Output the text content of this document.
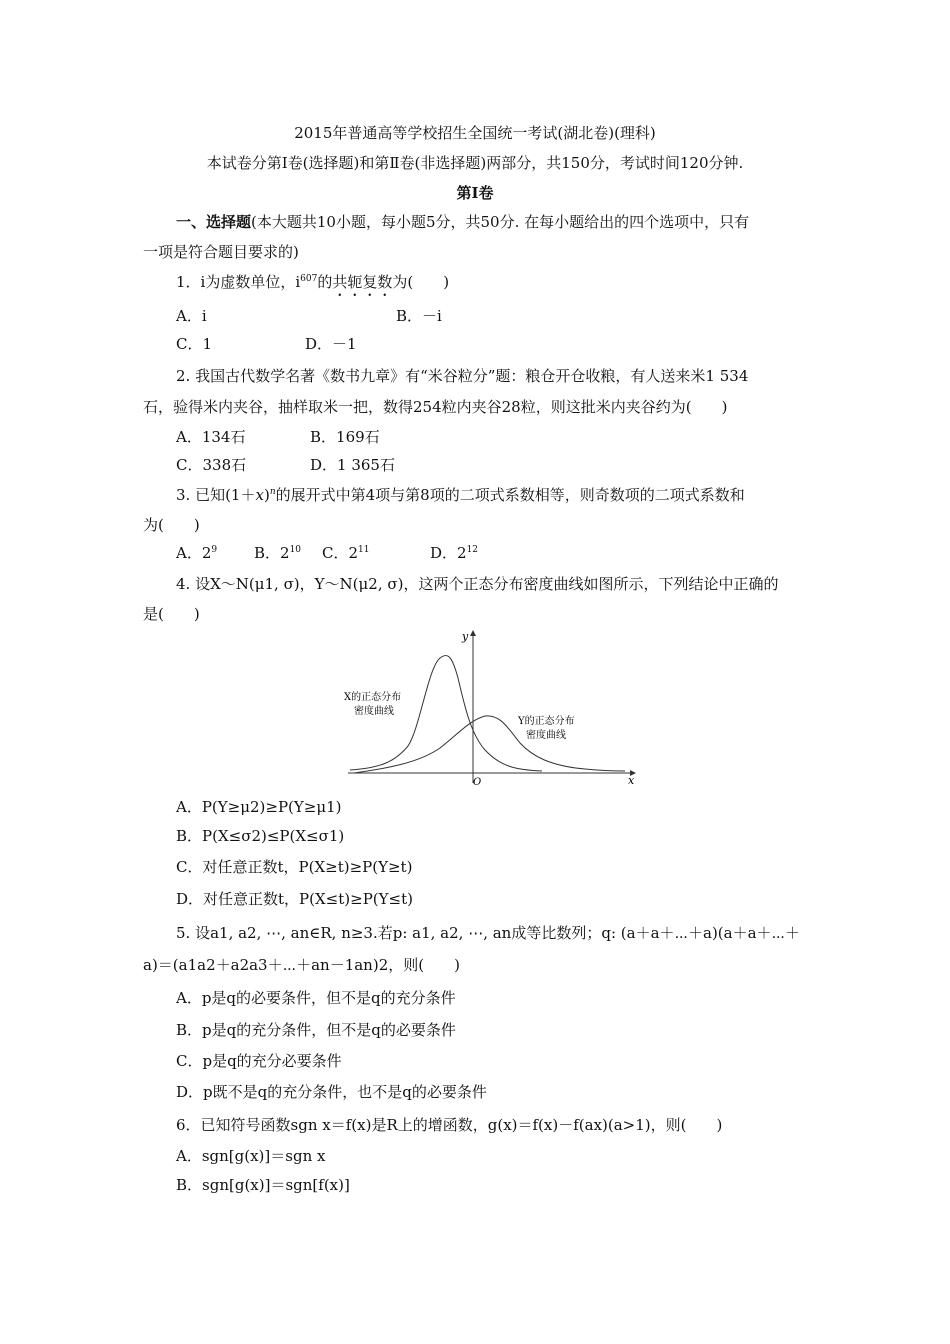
2015年普通高等学校招生全国统一考试(湖北卷)(理科)
本试卷分第Ⅰ卷(选择题)和第Ⅱ卷(非选择题)两部分，共150分，考试时间120分钟.
第Ⅰ卷
一、选择题(本大题共10小题，每小题5分，共50分. 在每小题给出的四个选项中，只有
一项是符合题目要求的)
1．i为虚数单位，$i^{607}$的共轭复数为(　　)
A．i	B．－i
C．1	D．－1
2. 我国古代数学名著《数书九章》有“米谷粒分”题：粮仓开仓收粮，有人送来米1 534
石，验得米内夹谷，抽样取米一把，数得254粒内夹谷28粒，则这批米内夹谷约为(　　)
A．134石	B．169石
C．338石	D．1 365石
3. 已知$(1+x)^n$的展开式中第4项与第8项的二项式系数相等，则奇数项的二项式系数和
为(　　)
A．$2^9$ B．$2^{10}$ C．$2^{11}$	D．$2^{12}$
4. 设X～N(μ1, σ)，Y～N(μ2, σ)，这两个正态分布密度曲线如图所示，下列结论中正确的
是(　　)
y
x
O
X的正态分布
密度曲线
Y的正态分布
密度曲线
A．P(Y≥μ2)≥P(Y≥μ1)
B．P(X≤σ2)≤P(X≤σ1)
C．对任意正数t，P(X≥t)≥P(Y≥t)
D．对任意正数t，P(X≤t)≥P(Y≤t)
5. 设a1, a2, ⋯, an∈R, n≥3.若p: a1, a2, ⋯, an成等比数列；q: (a＋a＋⋯＋a)(a＋a＋⋯＋
a)＝(a1a2＋a2a3＋⋯＋an－1an)2，则(　　)
A．p是q的必要条件，但不是q的充分条件
B．p是q的充分条件，但不是q的必要条件
C．p是q的充分必要条件
D．p既不是q的充分条件，也不是q的必要条件
6．已知符号函数sgn x＝f(x)是R上的增函数，g(x)＝f(x)－f(ax)(a>1)，则(　　)
A．sgn[g(x)]＝sgn x
B．sgn[g(x)]＝sgn[f(x)]
